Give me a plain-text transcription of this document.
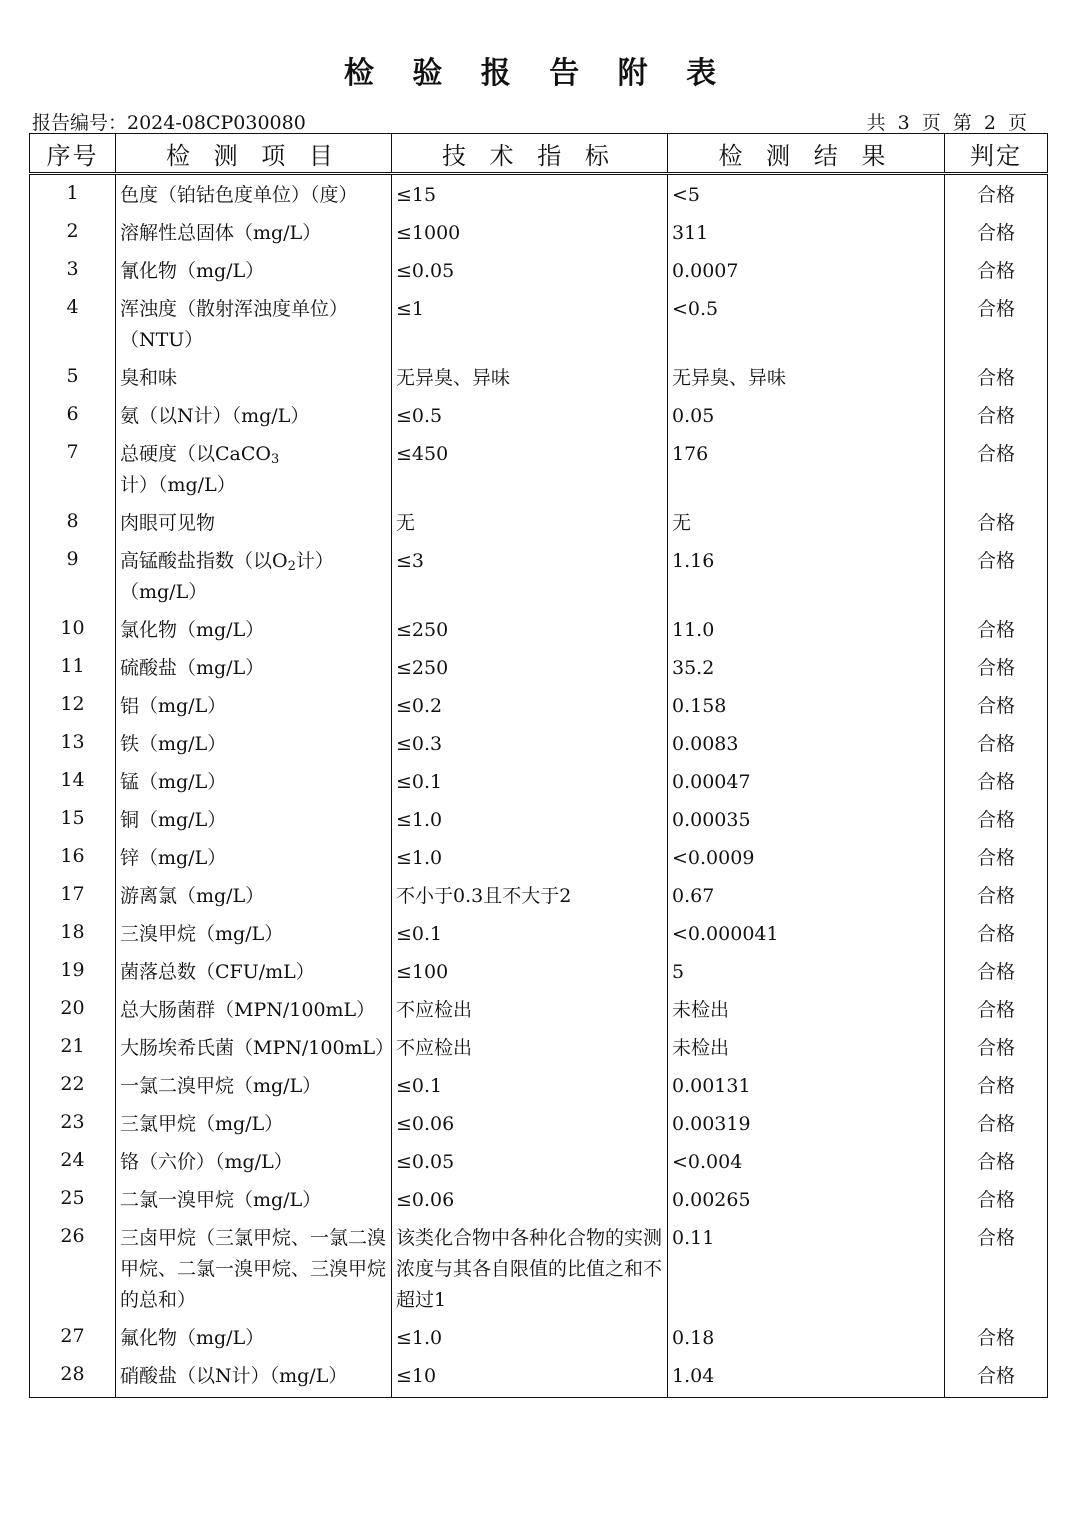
检 验 报 告 附 表
报告编号：2024-08CP030080	共 3 页 第 2 页
序号	检 测 项 目	技 术 指 标	检 测 结 果	判定
1	色度（铂钴色度单位）（度）	≤15	<5	合格
2	溶解性总固体（mg/L）	≤1000	311	合格
3	氰化物（mg/L）	≤0.05	0.0007	合格
4	浑浊度（散射浑浊度单位）（NTU）	≤1	<0.5	合格
5	臭和味	无异臭、异味	无异臭、异味	合格
6	氨（以N计）（mg/L）	≤0.5	0.05	合格
7	总硬度（以CaCO$_3$计）（mg/L）	≤450	176	合格
8	肉眼可见物	无	无	合格
9	高锰酸盐指数（以$O_2$计）（mg/L）	≤3	1.16	合格
10	氯化物（mg/L）	≤250	11.0	合格
11	硫酸盐（mg/L）	≤250	35.2	合格
12	铝（mg/L）	≤0.2	0.158	合格
13	铁（mg/L）	≤0.3	0.0083	合格
14	锰（mg/L）	≤0.1	0.00047	合格
15	铜（mg/L）	≤1.0	0.00035	合格
16	锌（mg/L）	≤1.0	<0.0009	合格
17	游离氯（mg/L）	不小于0.3且不大于2	0.67	合格
18	三溴甲烷（mg/L）	≤0.1	<0.000041	合格
19	菌落总数（CFU/mL）	≤100	5	合格
20	总大肠菌群（MPN/100mL）	不应检出	未检出	合格
21	大肠埃希氏菌（MPN/100mL）	不应检出	未检出	合格
22	一氯二溴甲烷（mg/L）	≤0.1	0.00131	合格
23	三氯甲烷（mg/L）	≤0.06	0.00319	合格
24	铬（六价）（mg/L）	≤0.05	<0.004	合格
25	二氯一溴甲烷（mg/L）	≤0.06	0.00265	合格
26	三卤甲烷（三氯甲烷、一氯二溴甲烷、二氯一溴甲烷、三溴甲烷的总和）	该类化合物中各种化合物的实测浓度与其各自限值的比值之和不超过1	0.11	合格
27	氟化物（mg/L）	≤1.0	0.18	合格
28	硝酸盐（以N计）（mg/L）	≤10	1.04	合格
